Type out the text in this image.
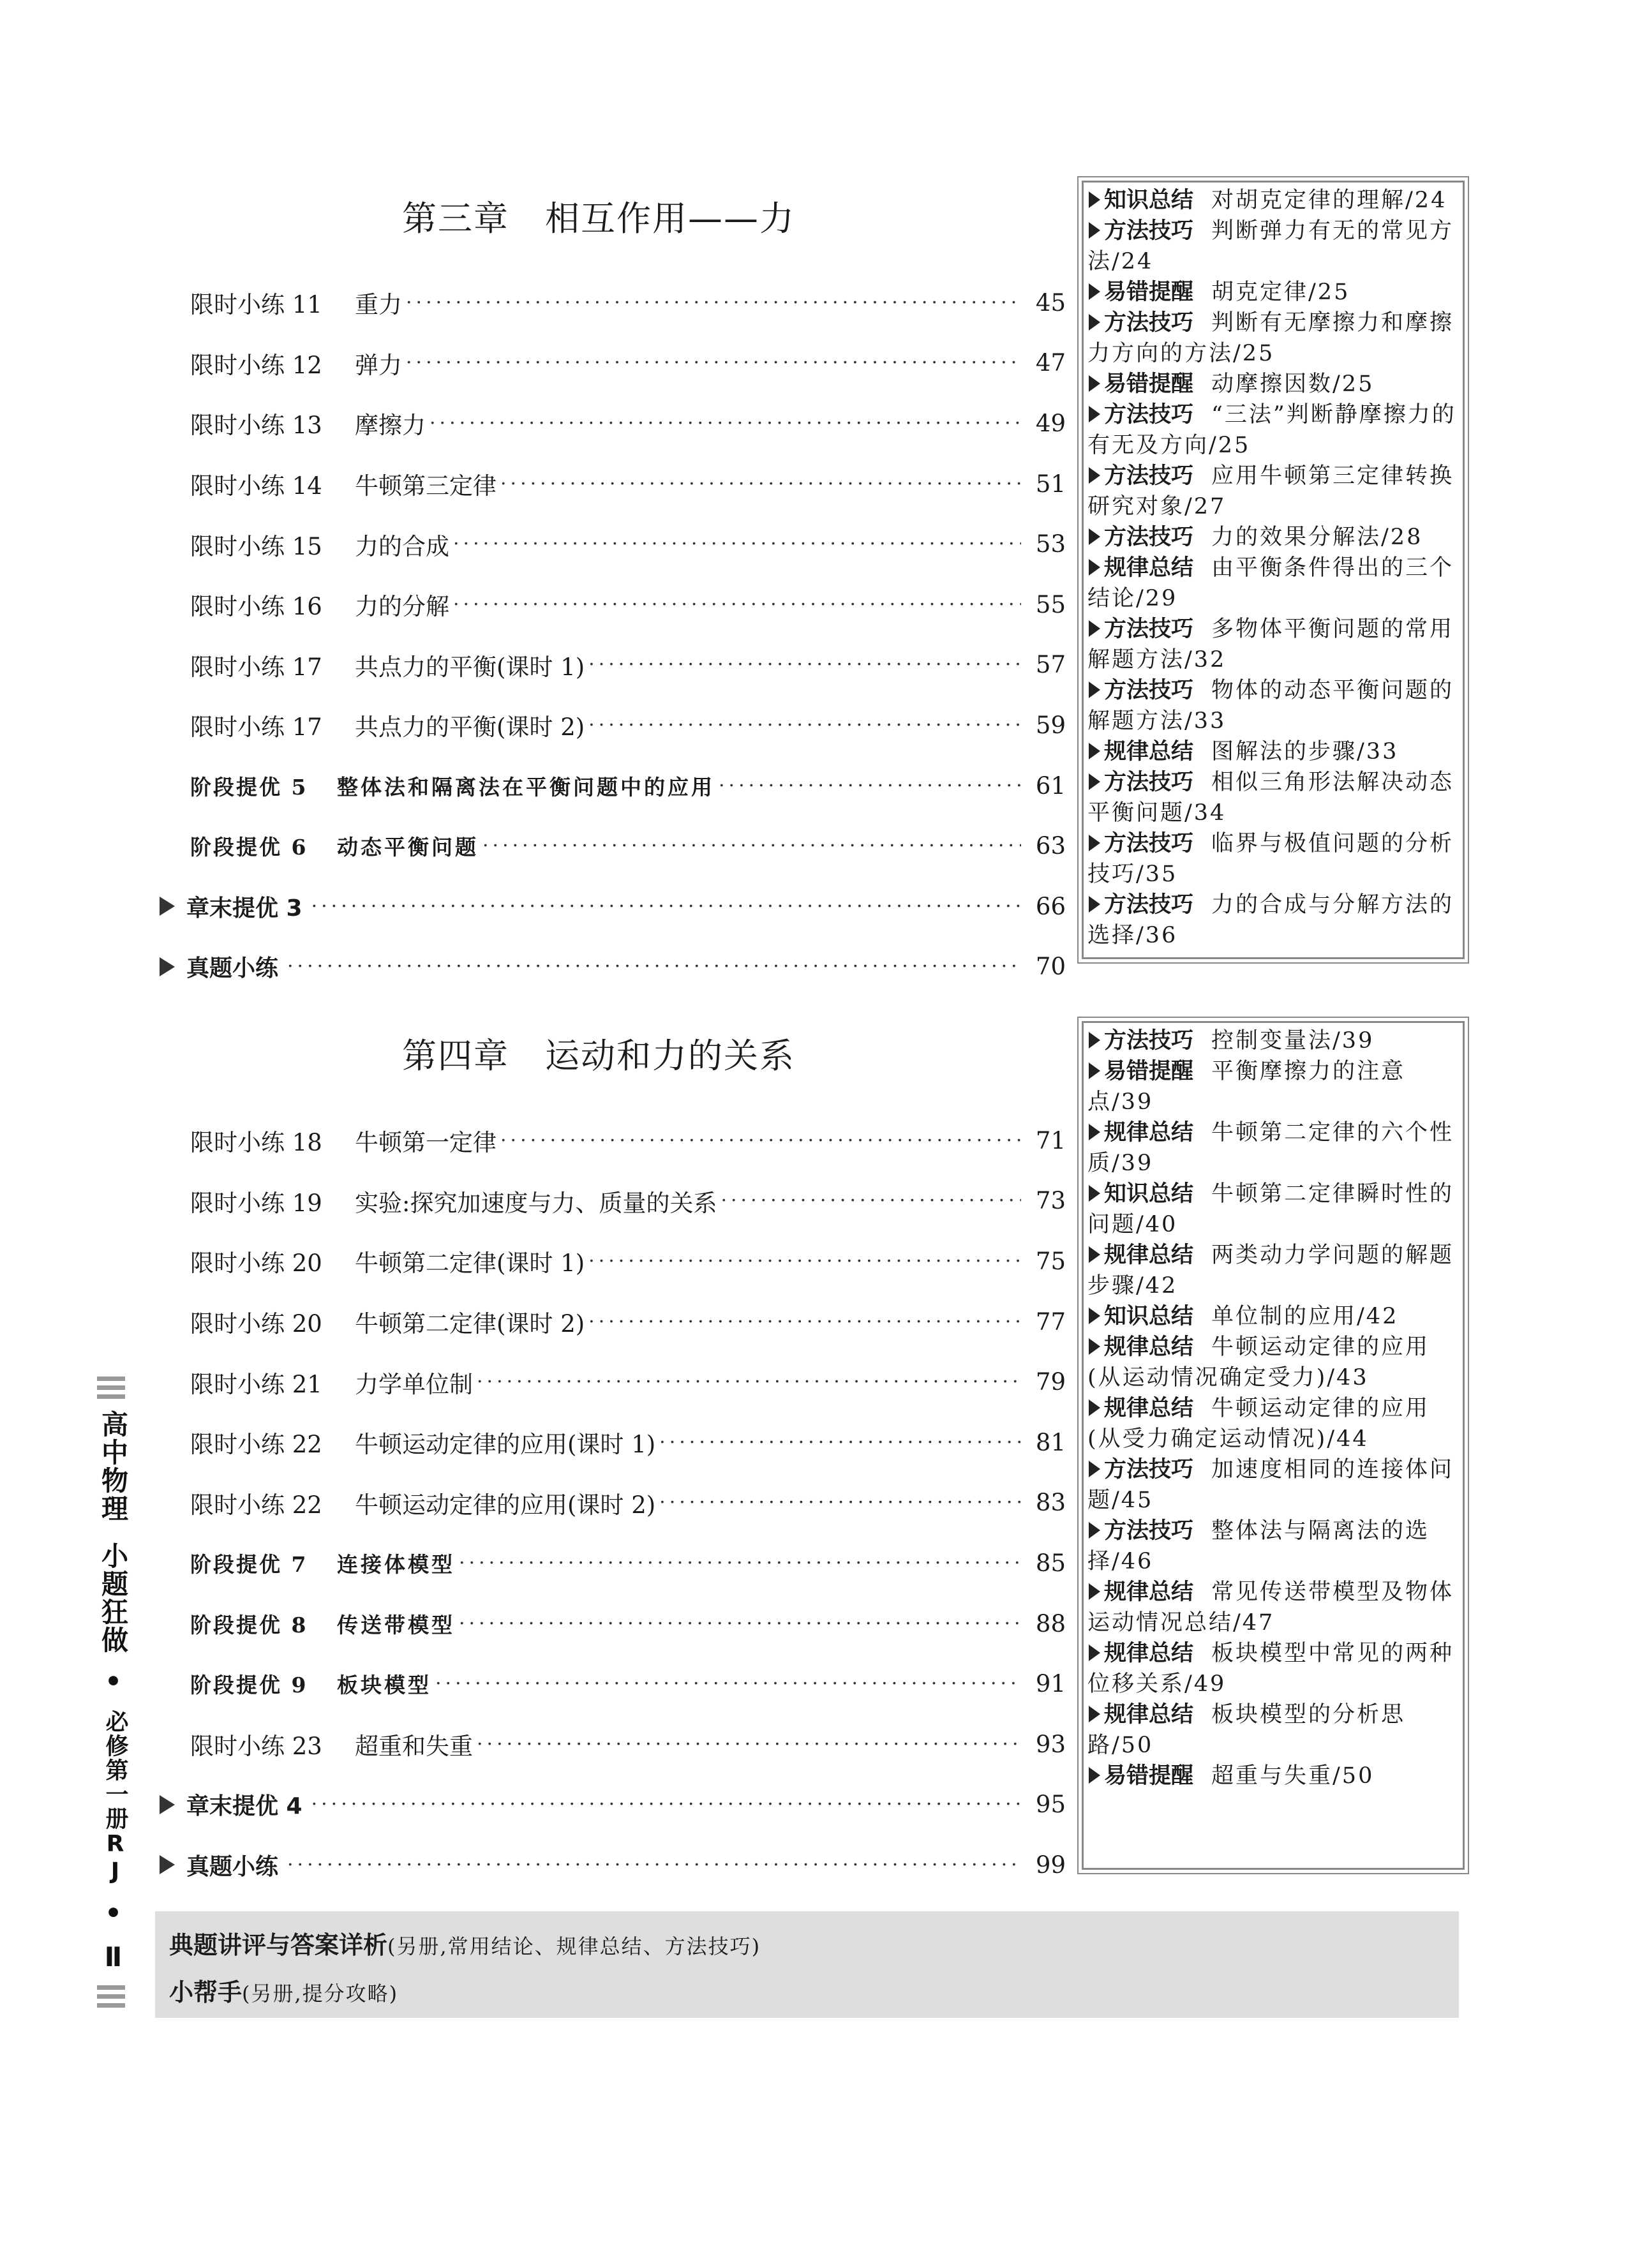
第三章　相互作用——力
限时小练 11	重力 ·····	45
限时小练 12	弹力 ·····	47
限时小练 13	摩擦力 ·····	49
限时小练 14	牛顿第三定律 ·····	51
限时小练 15	力的合成 ·····	53
限时小练 16	力的分解 ·····	55
限时小练 17	共点力的平衡(课时 1) ·····	57
限时小练 17	共点力的平衡(课时 2) ·····	59
阶段提优 5	整体法和隔离法在平衡问题中的应用 ·····	61
阶段提优 6	动态平衡问题 ·····	63
章末提优 3 ·····	66
真题小练 ·····	70
知识总结 对胡克定律的理解/24
方法技巧 判断弹力有无的常见方法/24
易错提醒 胡克定律/25
方法技巧 判断有无摩擦力和摩擦力方向的方法/25
易错提醒 动摩擦因数/25
方法技巧 “三法”判断静摩擦力的有无及方向/25
方法技巧 应用牛顿第三定律转换研究对象/27
方法技巧 力的效果分解法/28
规律总结 由平衡条件得出的三个结论/29
方法技巧 多物体平衡问题的常用解题方法/32
方法技巧 物体的动态平衡问题的解题方法/33
规律总结 图解法的步骤/33
方法技巧 相似三角形法解决动态平衡问题/34
方法技巧 临界与极值问题的分析技巧/35
方法技巧 力的合成与分解方法的选择/36
第四章　运动和力的关系
限时小练 18	牛顿第一定律 ·····	71
限时小练 19	实验:探究加速度与力、质量的关系 ·····	73
限时小练 20	牛顿第二定律(课时 1) ·····	75
限时小练 20	牛顿第二定律(课时 2) ·····	77
限时小练 21	力学单位制 ·····	79
限时小练 22	牛顿运动定律的应用(课时 1) ·····	81
限时小练 22	牛顿运动定律的应用(课时 2) ·····	83
阶段提优 7	连接体模型 ·····	85
阶段提优 8	传送带模型 ·····	88
阶段提优 9	板块模型 ·····	91
限时小练 23	超重和失重 ·····	93
章末提优 4 ·····	95
真题小练 ·····	99
方法技巧 控制变量法/39
易错提醒 平衡摩擦力的注意点/39
规律总结 牛顿第二定律的六个性质/39
知识总结 牛顿第二定律瞬时性的问题/40
规律总结 两类动力学问题的解题步骤/42
知识总结 单位制的应用/42
规律总结 牛顿运动定律的应用(从运动情况确定受力)/43
规律总结 牛顿运动定律的应用(从受力确定运动情况)/44
方法技巧 加速度相同的连接体问题/45
方法技巧 整体法与隔离法的选择/46
规律总结 常见传送带模型及物体运动情况总结/47
规律总结 板块模型中常见的两种位移关系/49
规律总结 板块模型的分析思路/50
易错提醒 超重与失重/50
高中物理
小题狂做
•
必修第一册RJ
•
Ⅱ 典题讲评与答案详析(另册,常用结论、规律总结、方法技巧)
小帮手(另册,提分攻略)
